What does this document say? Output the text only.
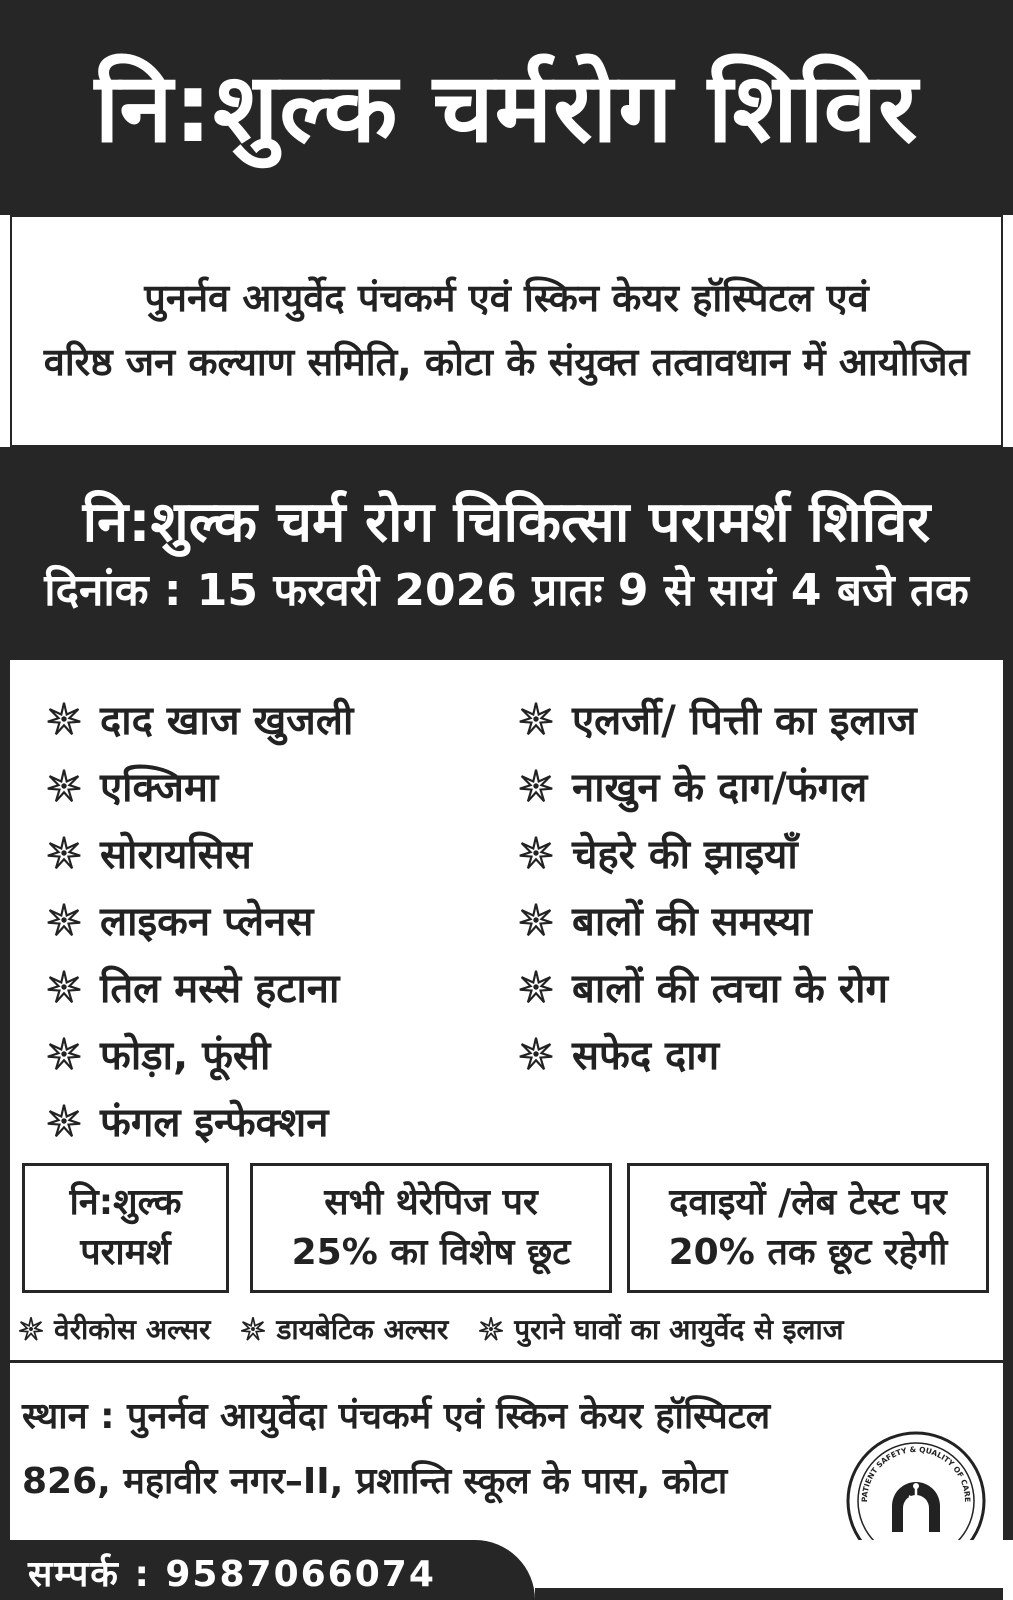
नि:शुल्क चर्मरोग शिविर
पुनर्नव आयुर्वेद पंचकर्म एवं स्किन केयर हॉस्पिटल एवं
वरिष्ठ जन कल्याण समिति, कोटा के संयुक्त तत्वावधान में आयोजित
नि:शुल्क चर्म रोग चिकित्सा परामर्श शिविर
दिनांक : 15 फरवरी 2026 प्रातः 9 से सायं 4 बजे तक
दाद खाज खुजली
एक्जिमा
सोरायसिस
लाइकन प्लेनस
तिल मस्से हटाना
फोड़ा, फूंसी
फंगल इन्फेक्शन
एलर्जी/ पित्ती का इलाज
नाखुन के दाग/फंगल
चेहरे की झाइयाँ
बालों की समस्या
बालों की त्वचा के रोग
सफेद दाग
नि:शुल्क
परामर्श
सभी थेरेपिज पर
25% का विशेष छूट
दवाइयों /लेब टेस्ट पर
20% तक छूट रहेगी
वेरीकोस अल्सर डायबेटिक अल्सर पुराने घावों का आयुर्वेद से इलाज
स्थान : पुनर्नव आयुर्वेदा पंचकर्म एवं स्किन केयर हॉस्पिटल
826, महावीर नगर–II, प्रशान्ति स्कूल के पास, कोटा	PATIENT SAFETY & QUALITY OF CARE
सम्पर्क : 9587066074
